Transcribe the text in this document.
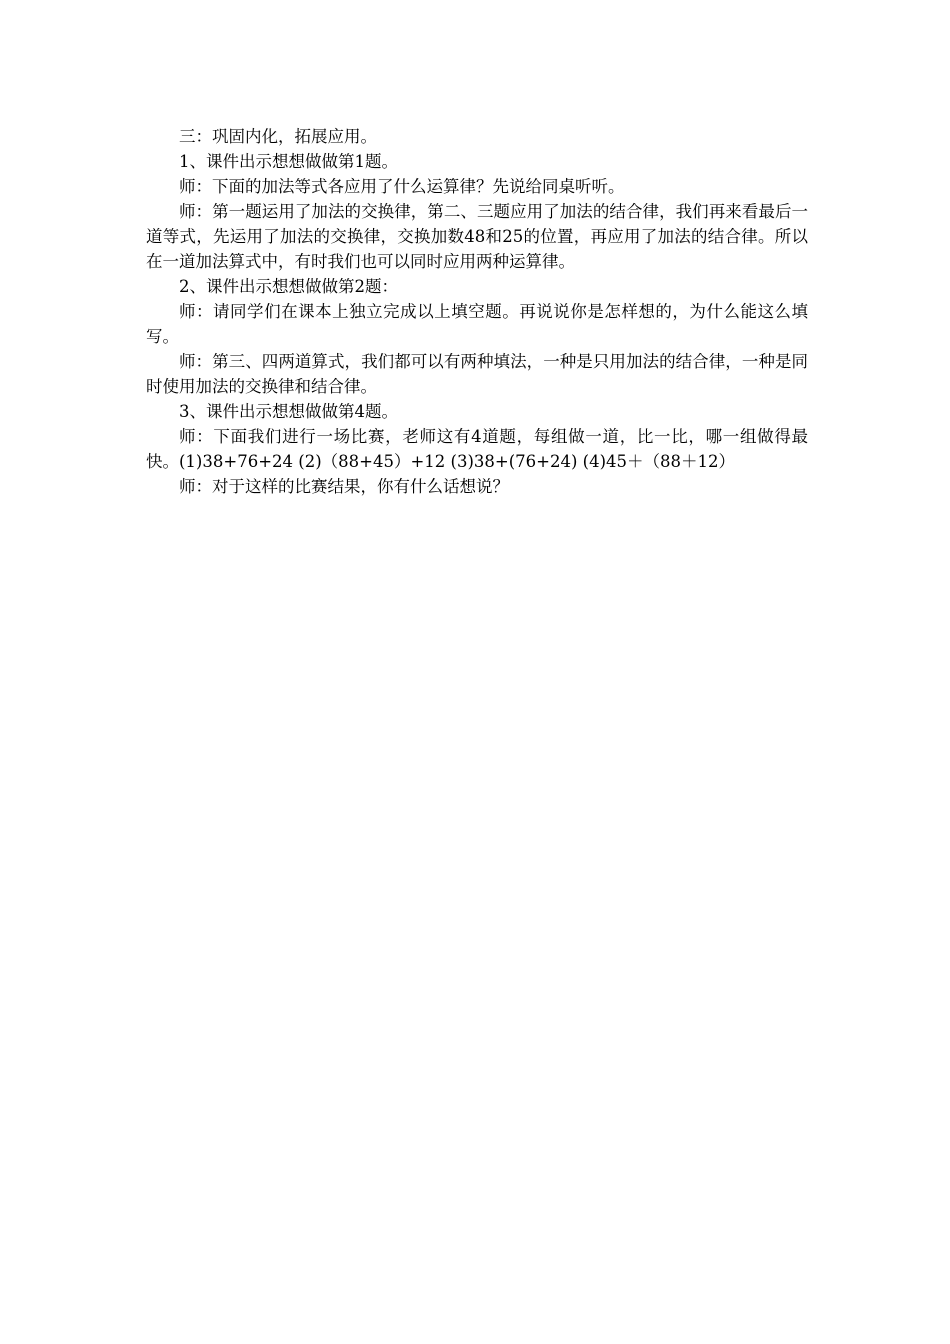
三：巩固内化，拓展应用。

1、课件出示想想做做第1题。

师：下面的加法等式各应用了什么运算律？先说给同桌听听。

师：第一题运用了加法的交换律，第二、三题应用了加法的结合律，我们再来看最后一道等式，先运用了加法的交换律，交换加数48和25的位置，再应用了加法的结合律。所以在一道加法算式中，有时我们也可以同时应用两种运算律。

2、课件出示想想做做第2题：

师：请同学们在课本上独立完成以上填空题。再说说你是怎样想的，为什么能这么填写。

师：第三、四两道算式，我们都可以有两种填法，一种是只用加法的结合律，一种是同时使用加法的交换律和结合律。

3、课件出示想想做做第4题。

师：下面我们进行一场比赛，老师这有4道题，每组做一道，比一比，哪一组做得最快。(1)38+76+24 (2)（88+45）+12 (3)38+(76+24) (4)45＋（88＋12）

师：对于这样的比赛结果，你有什么话想说？
